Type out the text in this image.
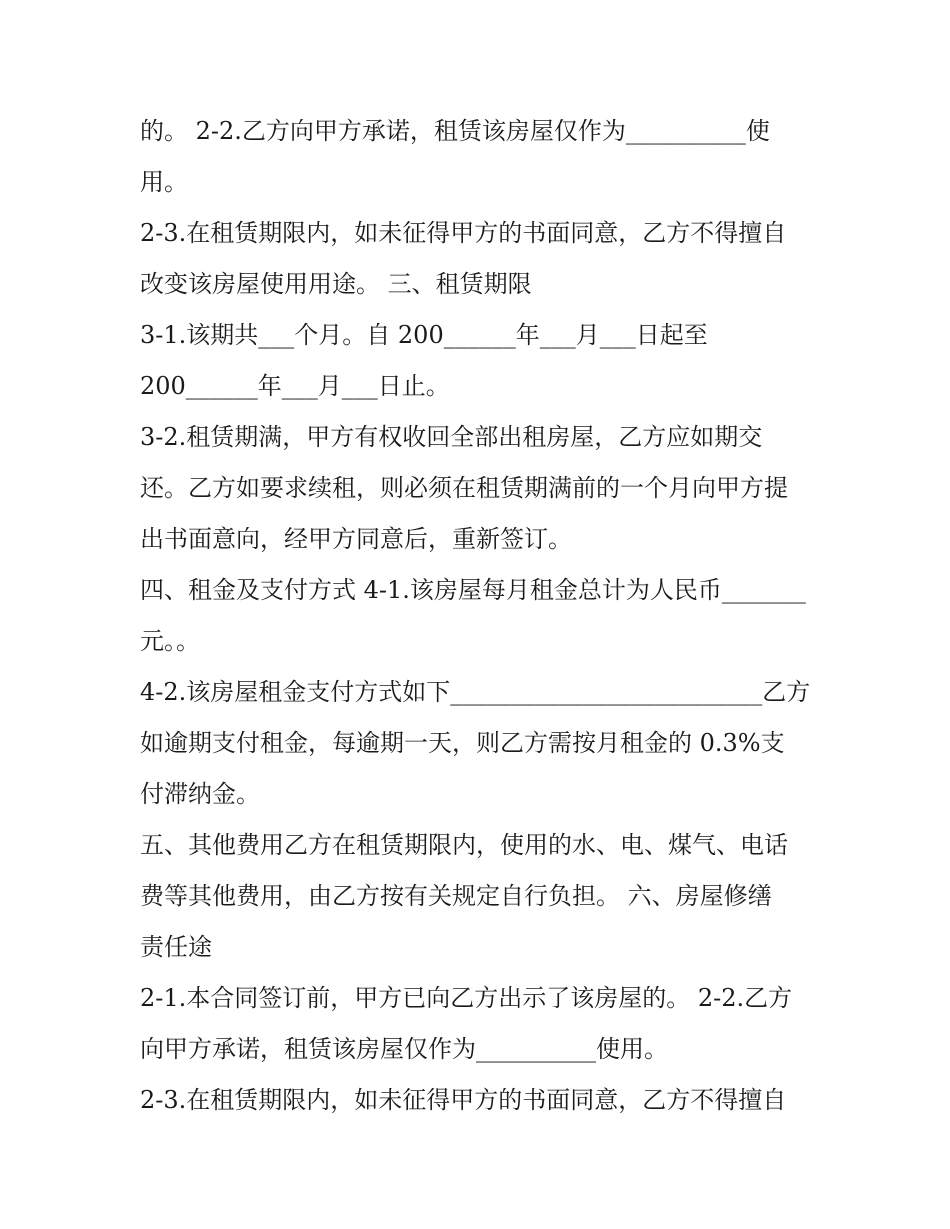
的。 2-2.乙方向甲方承诺，租赁该房屋仅作为__________使
用。
2-3.在租赁期限内，如未征得甲方的书面同意，乙方不得擅自
改变该房屋使用用途。 三、租赁期限
3-1.该期共___个月。自 200______年___月___日起至
200______年___月___日止。
3-2.租赁期满，甲方有权收回全部出租房屋，乙方应如期交
还。乙方如要求续租，则必须在租赁期满前的一个月向甲方提
出书面意向，经甲方同意后，重新签订。
四、租金及支付方式 4-1.该房屋每月租金总计为人民币_______
元。。
4-2.该房屋租金支付方式如下__________________________乙方
如逾期支付租金，每逾期一天，则乙方需按月租金的 0.3%支
付滞纳金。
五、其他费用乙方在租赁期限内，使用的水、电、煤气、电话
费等其他费用，由乙方按有关规定自行负担。 六、房屋修缮
责任途
2-1.本合同签订前，甲方已向乙方出示了该房屋的。 2-2.乙方
向甲方承诺，租赁该房屋仅作为__________使用。
2-3.在租赁期限内，如未征得甲方的书面同意，乙方不得擅自
